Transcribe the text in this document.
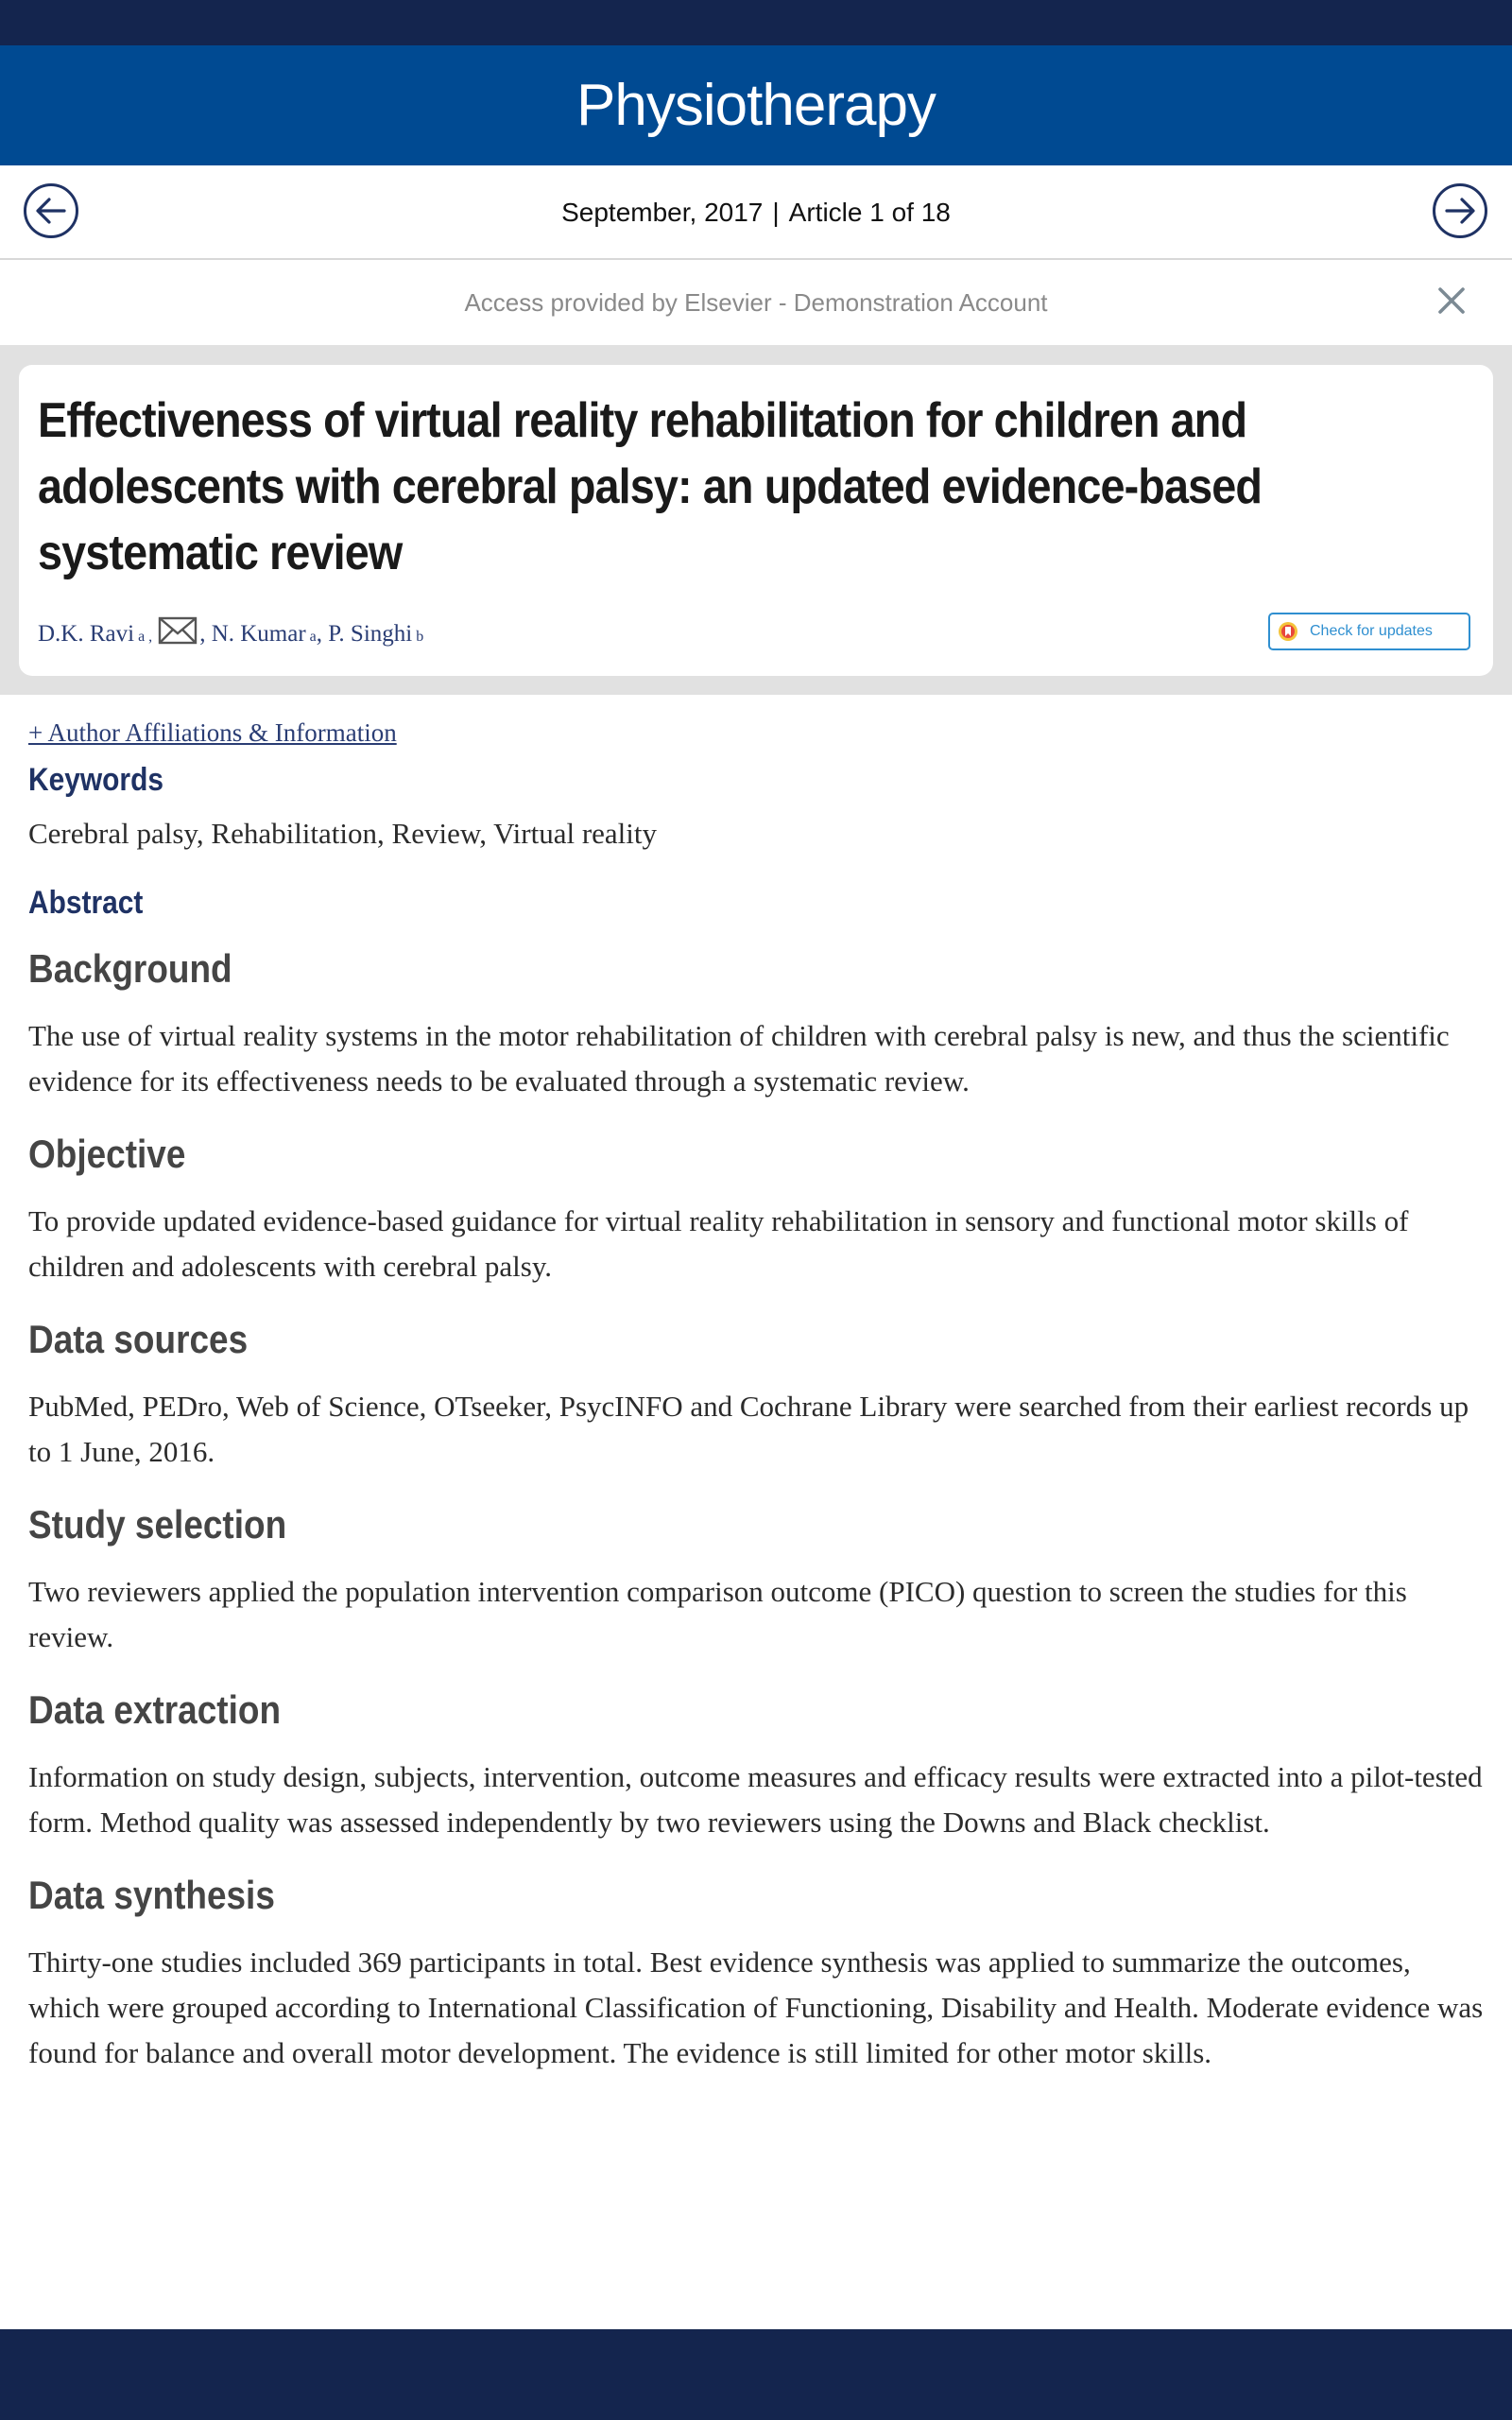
Physiotherapy
September, 2017 | Article 1 of 18
Access provided by Elsevier - Demonstration Account
Effectiveness of virtual reality rehabilitation for children and adolescents with cerebral palsy: an updated evidence-based systematic review
D.K. Ravi a , , N. Kumar a , P. Singhi b	Check for updates
+ Author Affiliations & Information
Keywords
Cerebral palsy, Rehabilitation, Review, Virtual reality
Abstract
Background

The use of virtual reality systems in the motor rehabilitation of children with cerebral palsy is new, and thus the scientific evidence for its effectiveness needs to be evaluated through a systematic review.

Objective

To provide updated evidence-based guidance for virtual reality rehabilitation in sensory and functional motor skills of children and adolescents with cerebral palsy.

Data sources

PubMed, PEDro, Web of Science, OTseeker, PsycINFO and Cochrane Library were searched from their earliest records up to 1 June, 2016.

Study selection

Two reviewers applied the population intervention comparison outcome (PICO) question to screen the studies for this review.

Data extraction

Information on study design, subjects, intervention, outcome measures and efficacy results were extracted into a pilot-tested form. Method quality was assessed independently by two reviewers using the Downs and Black checklist.

Data synthesis

Thirty-one studies included 369 participants in total. Best evidence synthesis was applied to summarize the outcomes, which were grouped according to International Classification of Functioning, Disability and Health. Moderate evidence was found for balance and overall motor development. The evidence is still limited for other motor skills.
